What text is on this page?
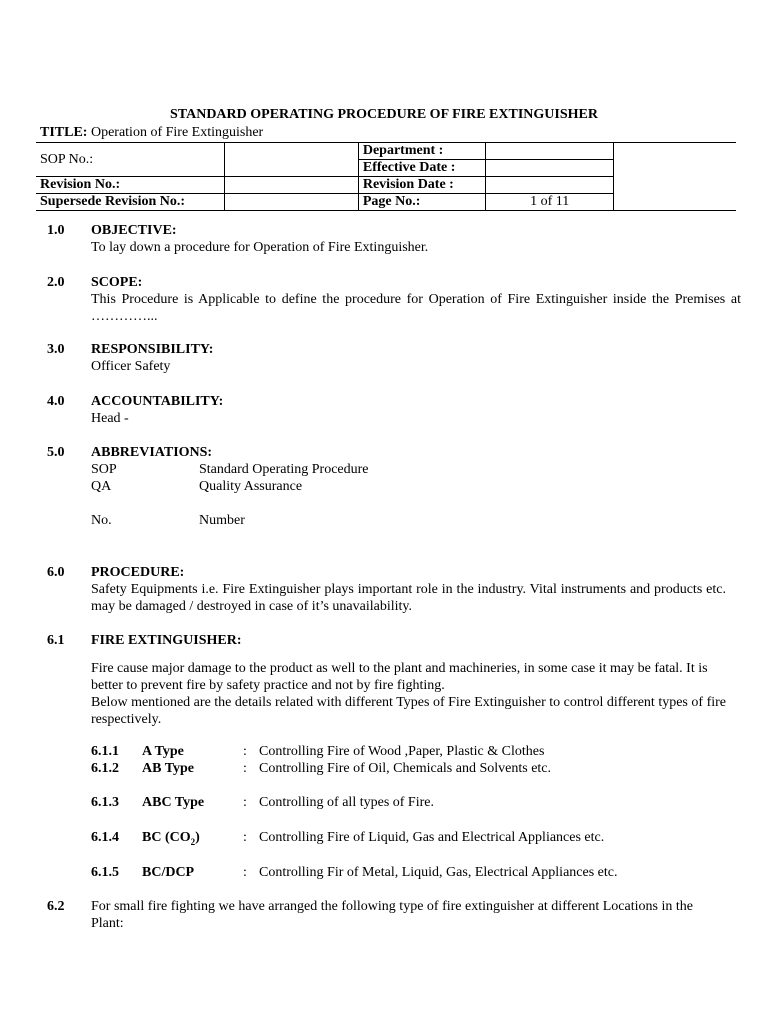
STANDARD OPERATING PROCEDURE OF FIRE EXTINGUISHER
TITLE: Operation of Fire Extinguisher
SOP No.:		Department :		
		Effective Date :		
Revision No.:		Revision Date :		
Supersede Revision No.:		Page No.:	1 of 11	
1.0 OBJECTIVE:
To lay down a procedure for Operation of Fire Extinguisher.
2.0 SCOPE:
This Procedure is Applicable to define the procedure for Operation of Fire Extinguisher inside the Premises at …………...
3.0 RESPONSIBILITY:
Officer Safety
4.0 ACCOUNTABILITY:
Head -
5.0 ABBREVIATIONS:
SOP	Standard Operating Procedure
QA	Quality Assurance
No.	Number
6.0 PROCEDURE:
Safety Equipments i.e. Fire Extinguisher plays important role in the industry. Vital instruments and products etc. may be damaged / destroyed in case of it’s unavailability.
6.1 FIRE EXTINGUISHER:
Fire cause major damage to the product as well to the plant and machineries, in some case it may be fatal. It is better to prevent fire by safety practice and not by fire fighting.
Below mentioned are the details related with different Types of Fire Extinguisher to control different types of fire respectively.
6.1.1 A Type	: Controlling Fire of Wood ,Paper, Plastic & Clothes
6.1.2 AB Type	: Controlling Fire of Oil, Chemicals and Solvents etc.
6.1.3 ABC Type	: Controlling of all types of Fire.
6.1.4 BC $(CO_2)$	: Controlling Fire of Liquid, Gas and Electrical Appliances etc.
6.1.5 BC/DCP	: Controlling Fir of Metal, Liquid, Gas, Electrical Appliances etc.
6.2 For small fire fighting we have arranged the following type of fire extinguisher at different Locations in the Plant:
